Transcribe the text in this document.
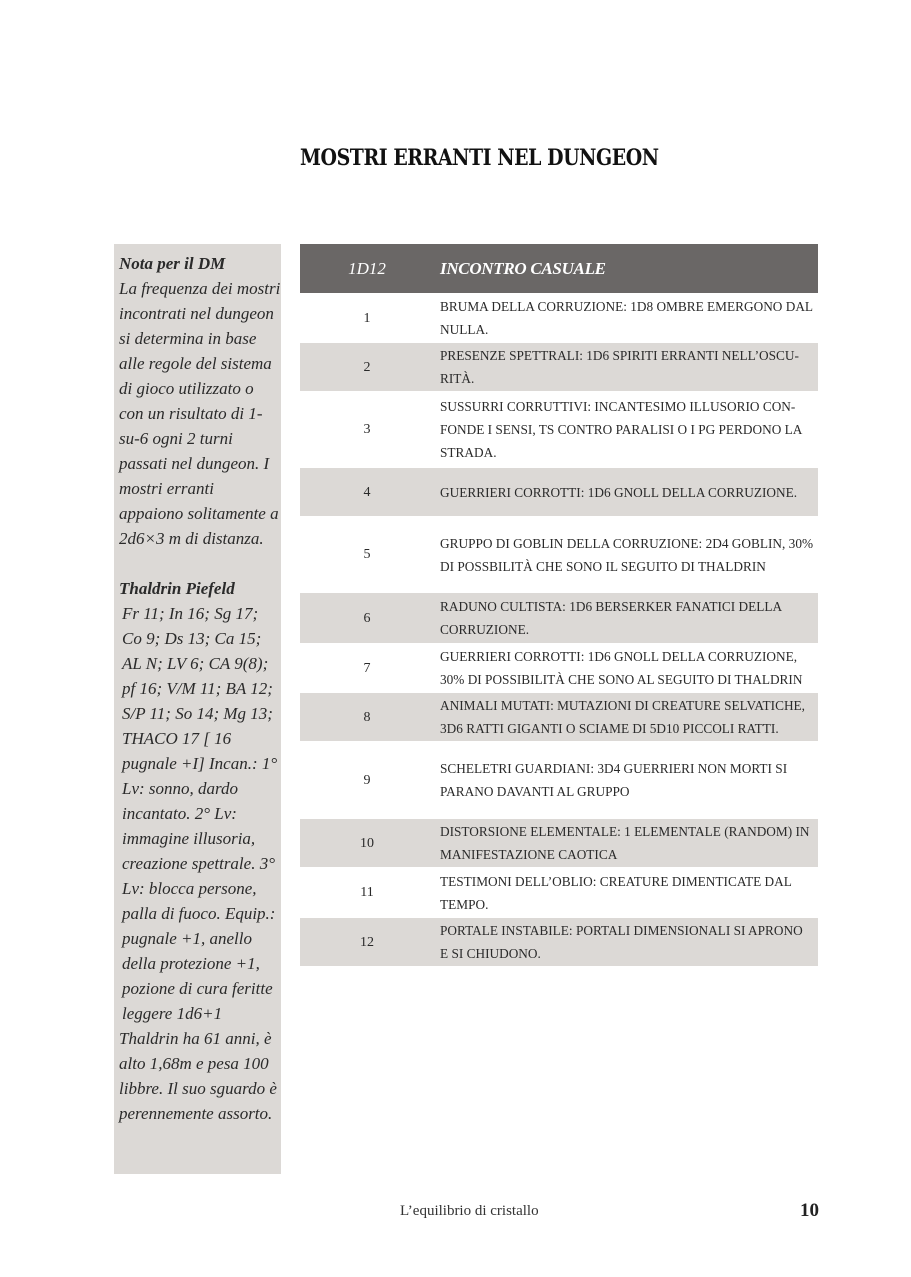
MOSTRI ERRANTI NEL DUNGEON
Nota per il DM
La frequenza dei mostri incontrati nel dungeon si determina in base alle regole del sistema di gioco utilizzato o con un risultato di 1-su-6 ogni 2 turni passati nel dungeon. I mostri erranti appaiono solitamente a 2d6×3 m di distanza.
Thaldrin Piefeld
Fr 11; In 16; Sg 17; Co 9; Ds 13; Ca 15; AL N; LV 6; CA 9(8); pf 16; V/M 11; BA 12; S/P 11; So 14; Mg 13; THACO 17 [ 16 pugnale +I] Incan.: 1° Lv: sonno, dardo incantato. 2° Lv: immagine illusoria, creazione spettrale. 3° Lv: blocca persone, palla di fuoco. Equip.: pugnale +1, anello della protezione +1, pozione di cura feritte leggere 1d6+1
Thaldrin ha 61 anni, è alto 1,68m e pesa 100 libbre. Il suo sguardo è perennemente assorto.
1D12	INCONTRO CASUALE
1	BRUMA DELLA CORRUZIONE: 1D8 OMBRE EMERGONO DAL NULLA.
2	PRESENZE SPETTRALI: 1D6 SPIRITI ERRANTI NELL’OSCU-RITÀ.
3	SUSSURRI CORRUTTIVI: INCANTESIMO ILLUSORIO CON-FONDE I SENSI, TS CONTRO PARALISI O I PG PERDONO LA STRADA.
4	GUERRIERI CORROTTI: 1D6 GNOLL DELLA CORRUZIONE.
5	GRUPPO DI GOBLIN DELLA CORRUZIONE: 2D4 GOBLIN, 30% DI POSSBILITÀ CHE SONO IL SEGUITO DI THALDRIN
6	RADUNO CULTISTA: 1D6 BERSERKER FANATICI DELLA CORRUZIONE.
7	GUERRIERI CORROTTI: 1D6 GNOLL DELLA CORRUZIONE, 30% DI POSSIBILITÀ CHE SONO AL SEGUITO DI THALDRIN
8	ANIMALI MUTATI: MUTAZIONI DI CREATURE SELVATICHE, 3D6 RATTI GIGANTI O SCIAME DI 5D10 PICCOLI RATTI.
9	SCHELETRI GUARDIANI: 3D4 GUERRIERI NON MORTI SI PARANO DAVANTI AL GRUPPO
10	DISTORSIONE ELEMENTALE: 1 ELEMENTALE (RANDOM) IN MANIFESTAZIONE CAOTICA
11	TESTIMONI DELL’OBLIO: CREATURE DIMENTICATE DAL TEMPO.
12	PORTALE INSTABILE: PORTALI DIMENSIONALI SI APRONO E SI CHIUDONO.
L’equilibrio di cristallo	10
